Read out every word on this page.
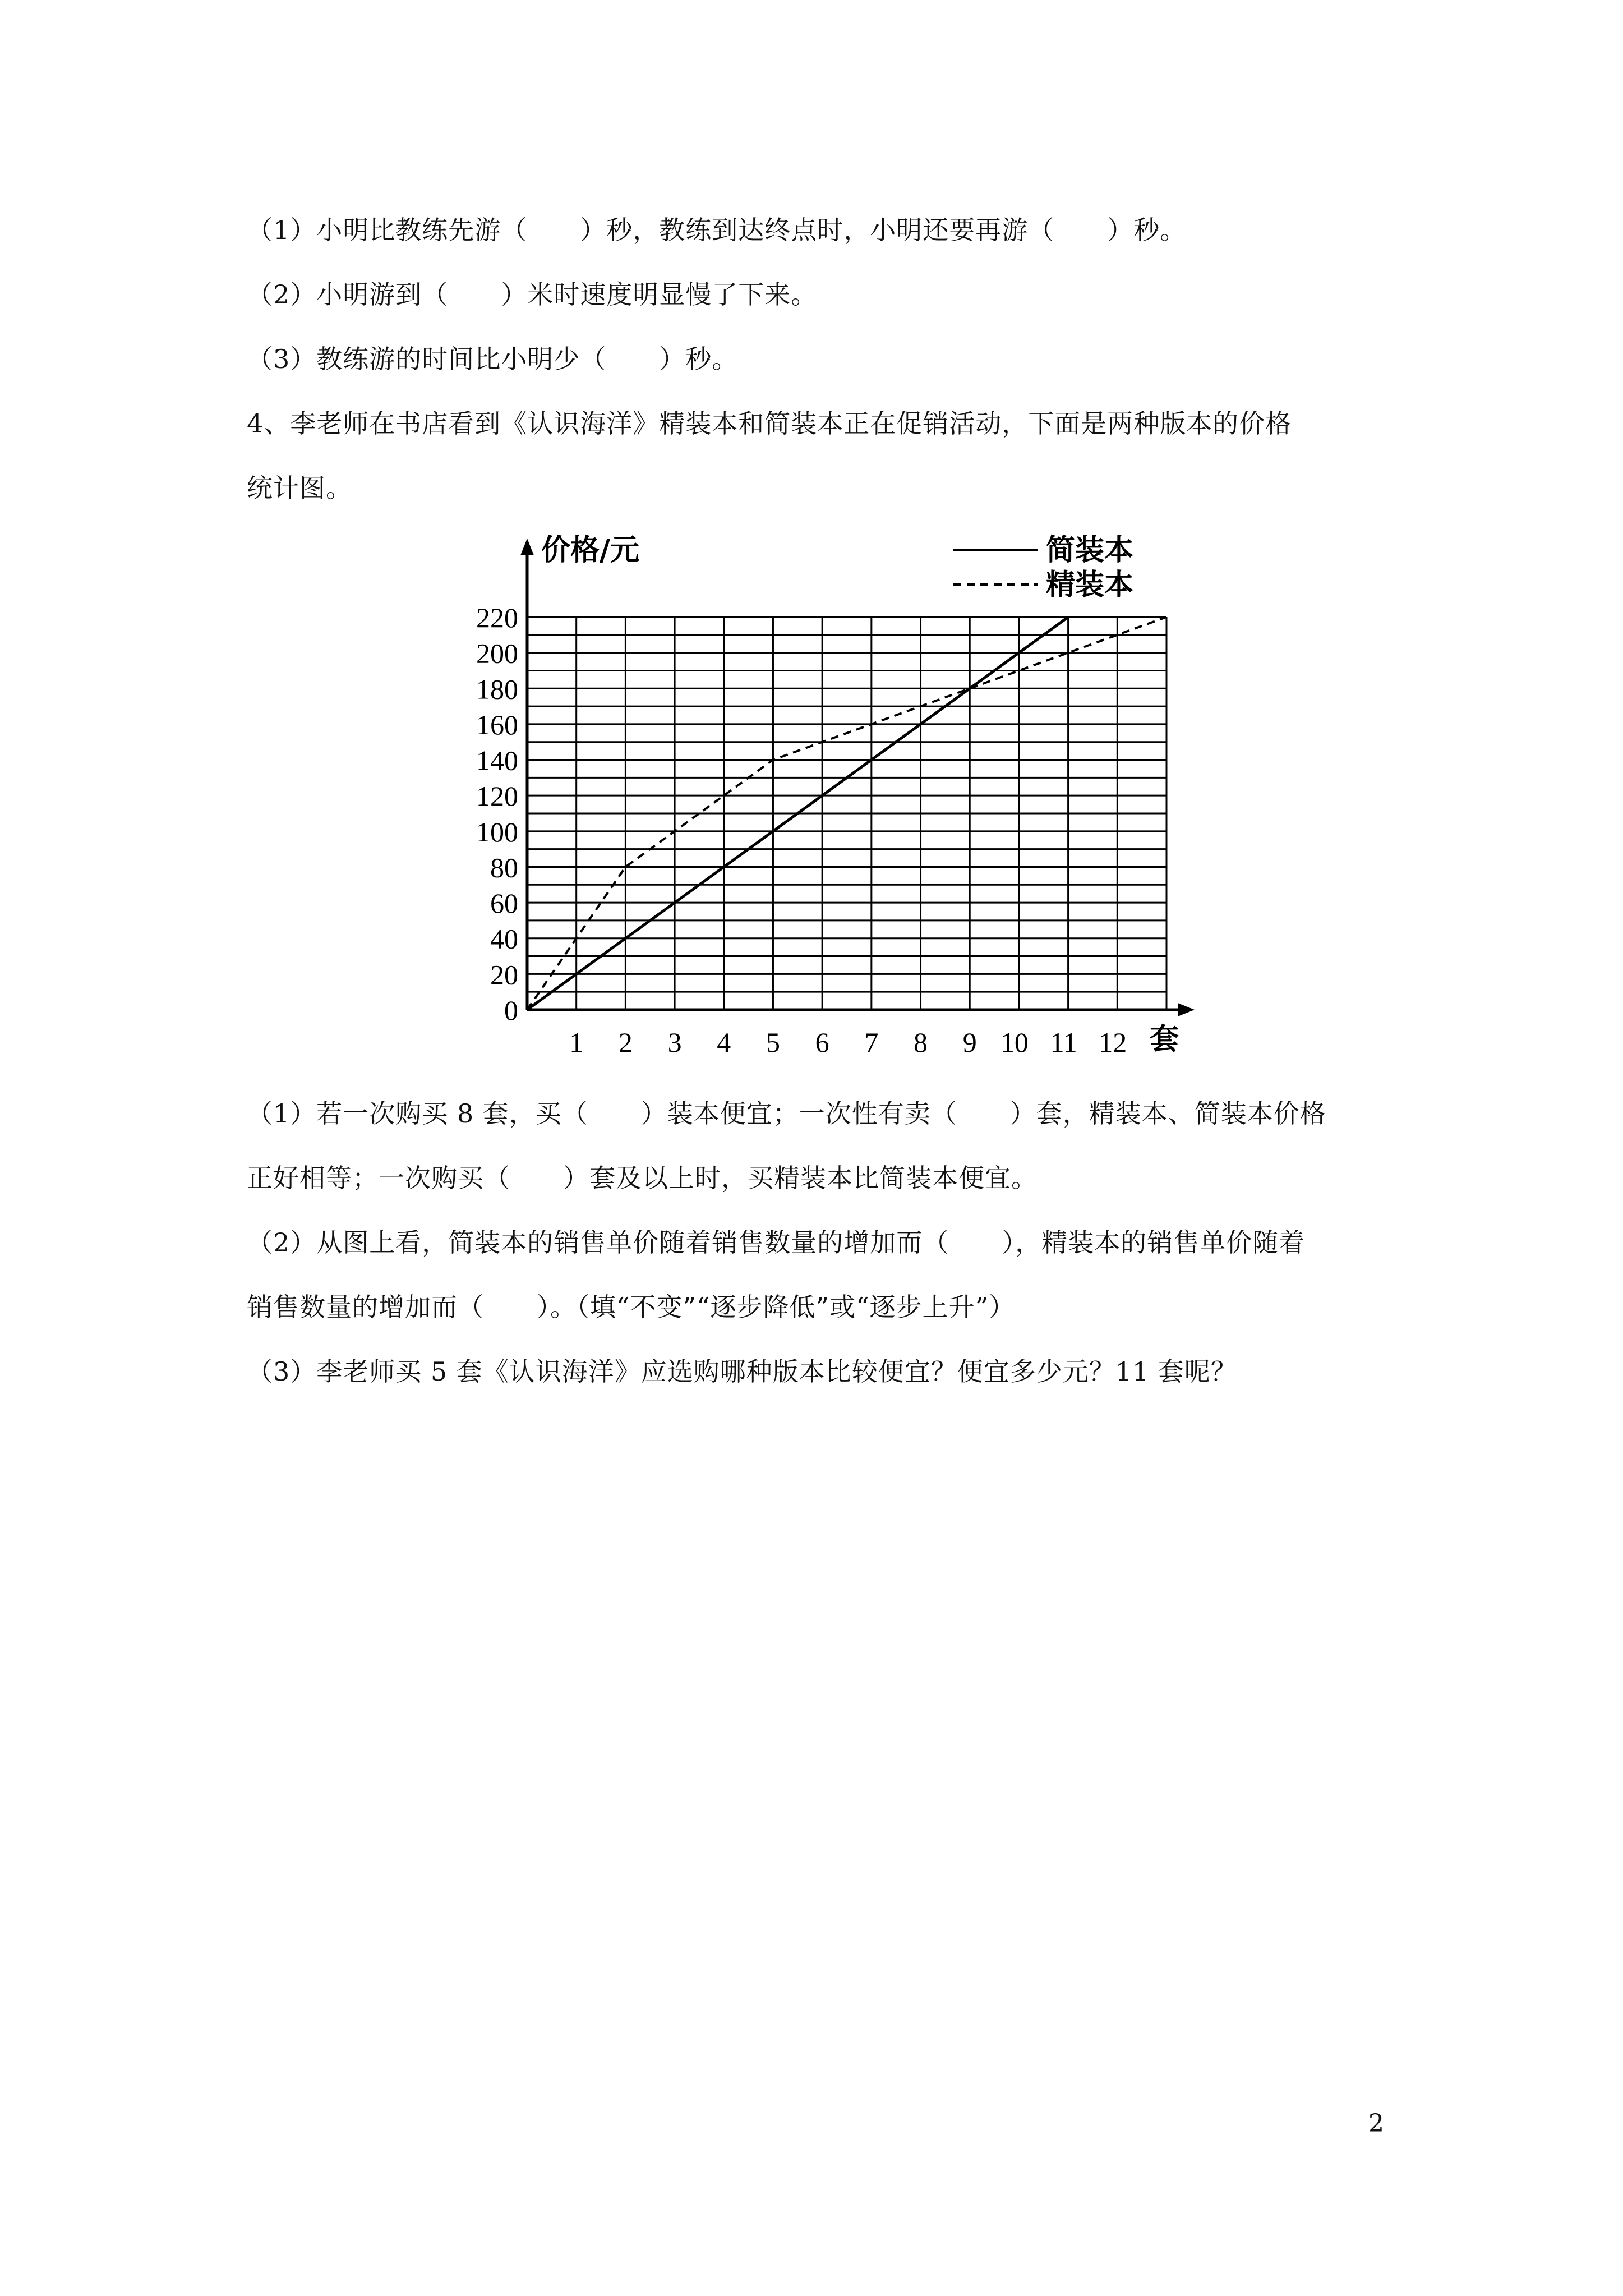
（1）小明比教练先游（　　）秒，教练到达终点时，小明还要再游（　　）秒。
（2）小明游到（　　）米时速度明显慢了下来。
（3）教练游的时间比小明少（　　）秒。
4、李老师在书店看到《认识海洋》精装本和简装本正在促销活动，下面是两种版本的价格
统计图。
0
20
40
60
80
100
120
140
160
180
200
220
1 2 3 4 5 6 7 8 9 10 11 12
简装本
精装本
价格/元
套
（1）若一次购买 8 套，买（　　）装本便宜；一次性有卖（　　）套，精装本、简装本价格
正好相等；一次购买（　　）套及以上时，买精装本比简装本便宜。
（2）从图上看，简装本的销售单价随着销售数量的增加而（　　），精装本的销售单价随着
销售数量的增加而（　　）。（填“不变”“逐步降低”或“逐步上升”）
（3）李老师买 5 套《认识海洋》应选购哪种版本比较便宜？便宜多少元？11 套呢？
2
